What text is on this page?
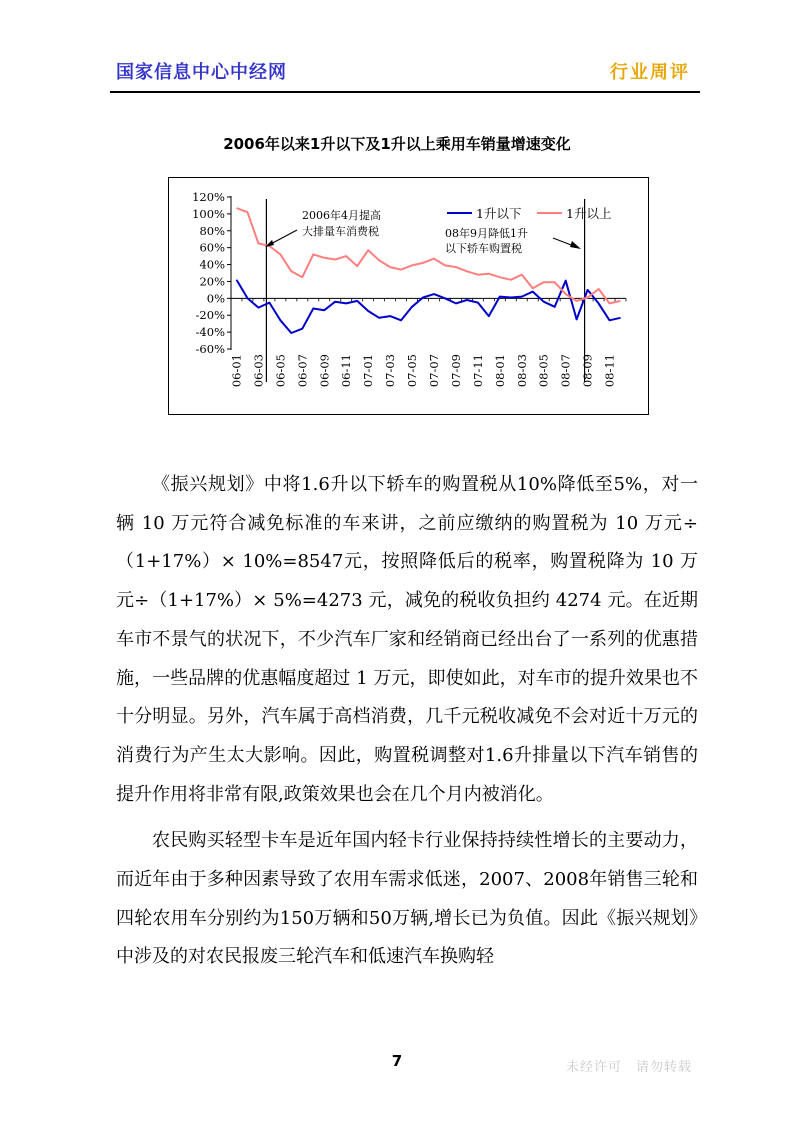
国家信息中心中经网	行业周评
2006年以来1升以下及1升以上乘用车销量增速变化
120%
100%
80%
60%
40%
20%
0%
-20%
-40%
-60%
06-01 06-03 06-05 06-07 06-09 06-11 07-01 07-03 07-05 07-07 07-09 07-11 08-01 08-03 08-05 08-07 08-09 08-11
2006年4月提高
大排量车消费税	08年9月降低1升
以下轿车购置税
1升以下	1升以上

《振兴规划》中将1.6升以下轿车的购置税从10%降低至5%，对一辆 10 万元符合减免标准的车来讲，之前应缴纳的购置税为 10 万元÷（1+17%）× 10%=8547元，按照降低后的税率，购置税降为 10 万元÷（1+17%）× 5%=4273 元，减免的税收负担约 4274 元。在近期车市不景气的状况下，不少汽车厂家和经销商已经出台了一系列的优惠措施，一些品牌的优惠幅度超过 1 万元，即使如此，对车市的提升效果也不十分明显。另外，汽车属于高档消费，几千元税收减免不会对近十万元的消费行为产生太大影响。因此，购置税调整对1.6升排量以下汽车销售的提升作用将非常有限,政策效果也会在几个月内被消化。

农民购买轻型卡车是近年国内轻卡行业保持持续性增长的主要动力，而近年由于多种因素导致了农用车需求低迷，2007、2008年销售三轮和四轮农用车分别约为150万辆和50万辆,增长已为负值。因此《振兴规划》中涉及的对农民报废三轮汽车和低速汽车换购轻

7	未经许可　请勿转载
